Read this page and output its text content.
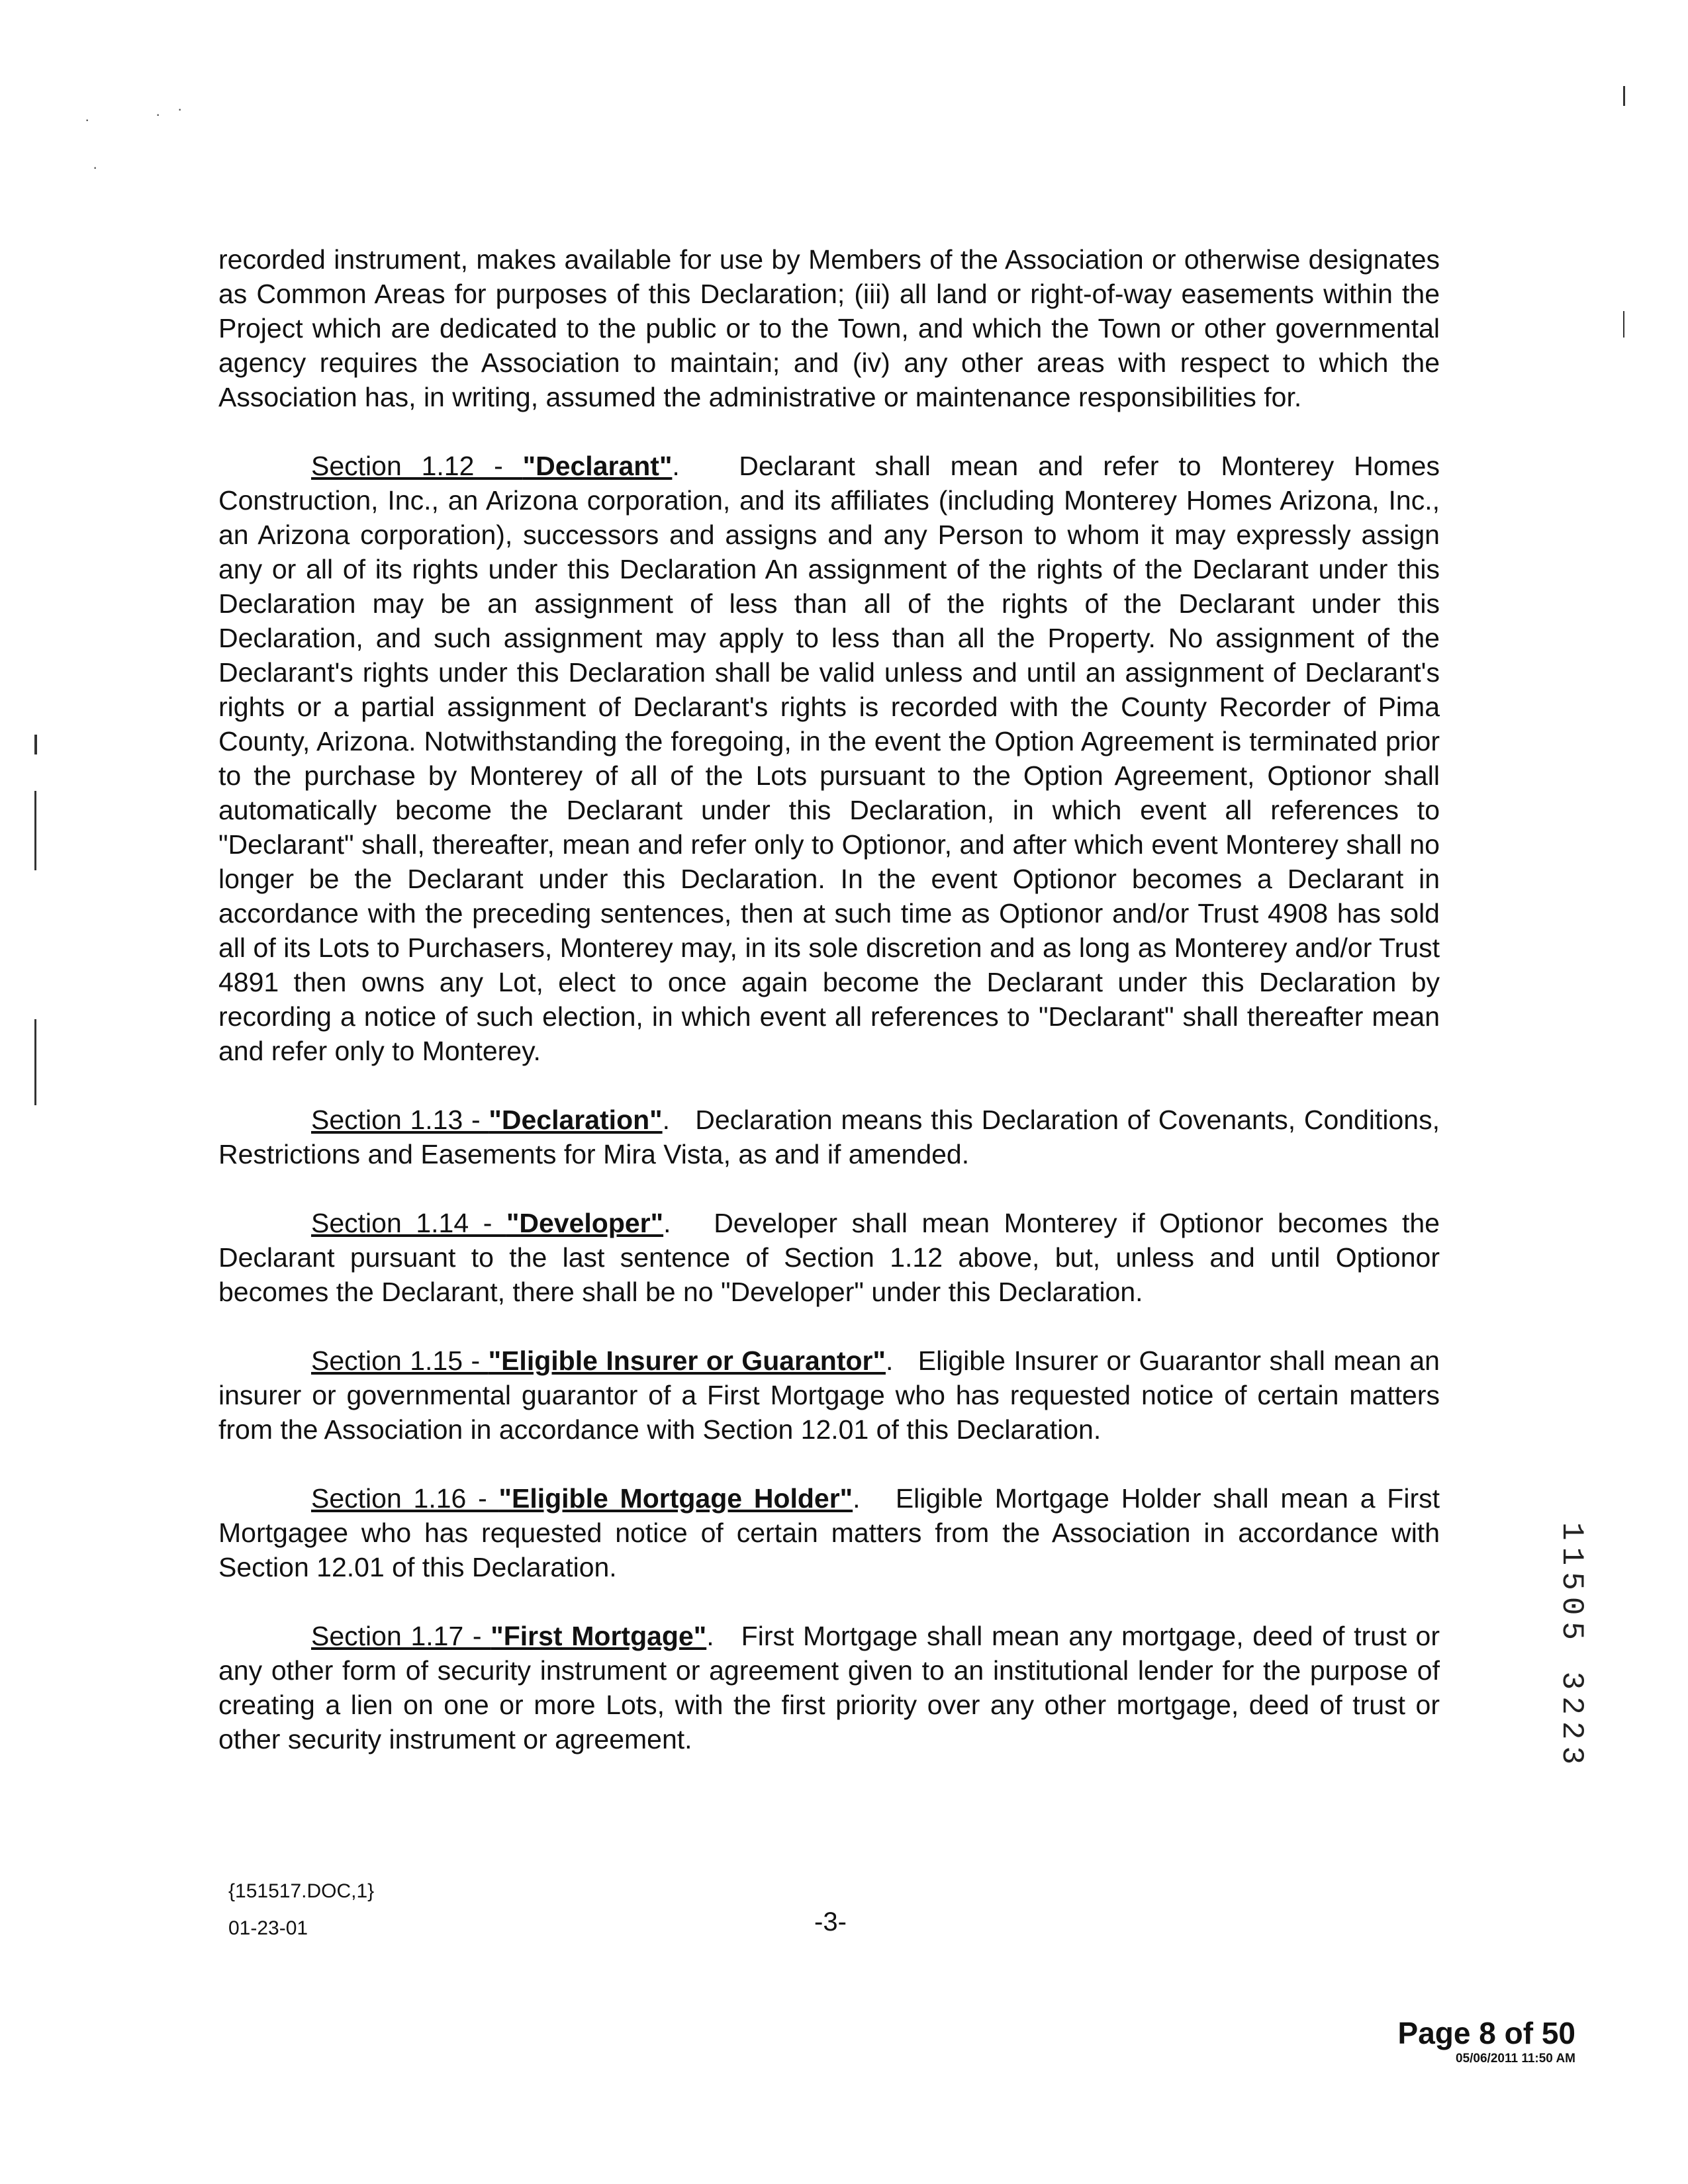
·	· ·
·

recorded instrument, makes available for use by Members of the Association or otherwise designates as Common Areas for purposes of this Declaration; (iii) all land or right-of-way easements within the Project which are dedicated to the public or to the Town, and which the Town or other governmental agency requires the Association to maintain; and (iv) any other areas with respect to which the Association has, in writing, assumed the administrative or maintenance responsibilities for.

Section 1.12 - "Declarant".   Declarant shall mean and refer to Monterey Homes Construction, Inc., an Arizona corporation, and its affiliates (including Monterey Homes Arizona, Inc., an Arizona corporation), successors and assigns and any Person to whom it may expressly assign any or all of its rights under this Declaration An assignment of the rights of the Declarant under this Declaration may be an assignment of less than all of the rights of the Declarant under this Declaration, and such assignment may apply to less than all the Property. No assignment of the Declarant's rights under this Declaration shall be valid unless and until an assignment of Declarant's rights or a partial assignment of Declarant's rights is recorded with the County Recorder of Pima County, Arizona. Notwithstanding the foregoing, in the event the Option Agreement is terminated prior to the purchase by Monterey of all of the Lots pursuant to the Option Agreement, Optionor shall automatically become the Declarant under this Declaration, in which event all references to "Declarant" shall, thereafter, mean and refer only to Optionor, and after which event Monterey shall no longer be the Declarant under this Declaration. In the event Optionor becomes a Declarant in accordance with the preceding sentences, then at such time as Optionor and/or Trust 4908 has sold all of its Lots to Purchasers, Monterey may, in its sole discretion and as long as Monterey and/or Trust 4891 then owns any Lot, elect to once again become the Declarant under this Declaration by recording a notice of such election, in which event all references to "Declarant" shall thereafter mean and refer only to Monterey.

Section 1.13 - "Declaration".   Declaration means this Declaration of Covenants, Conditions, Restrictions and Easements for Mira Vista, as and if amended.

Section 1.14 - "Developer".   Developer shall mean Monterey if Optionor becomes the Declarant pursuant to the last sentence of Section 1.12 above, but, unless and until Optionor becomes the Declarant, there shall be no "Developer" under this Declaration.

Section 1.15 - "Eligible Insurer or Guarantor".   Eligible Insurer or Guarantor shall mean an insurer or governmental guarantor of a First Mortgage who has requested notice of certain matters from the Association in accordance with Section 12.01 of this Declaration.

Section 1.16 - "Eligible Mortgage Holder".   Eligible Mortgage Holder shall mean a First Mortgagee who has requested notice of certain matters from the Association in accordance with Section 12.01 of this Declaration.

Section 1.17 - "First Mortgage".   First Mortgage shall mean any mortgage, deed of trust or any other form of security instrument or agreement given to an institutional lender for the purpose of creating a lien on one or more Lots, with the first priority over any other mortgage, deed of trust or other security instrument or agreement.	11505 3223
{151517.DOC,1}
01-23-01	-3-
Page 8 of 50
05/06/2011 11:50 AM
